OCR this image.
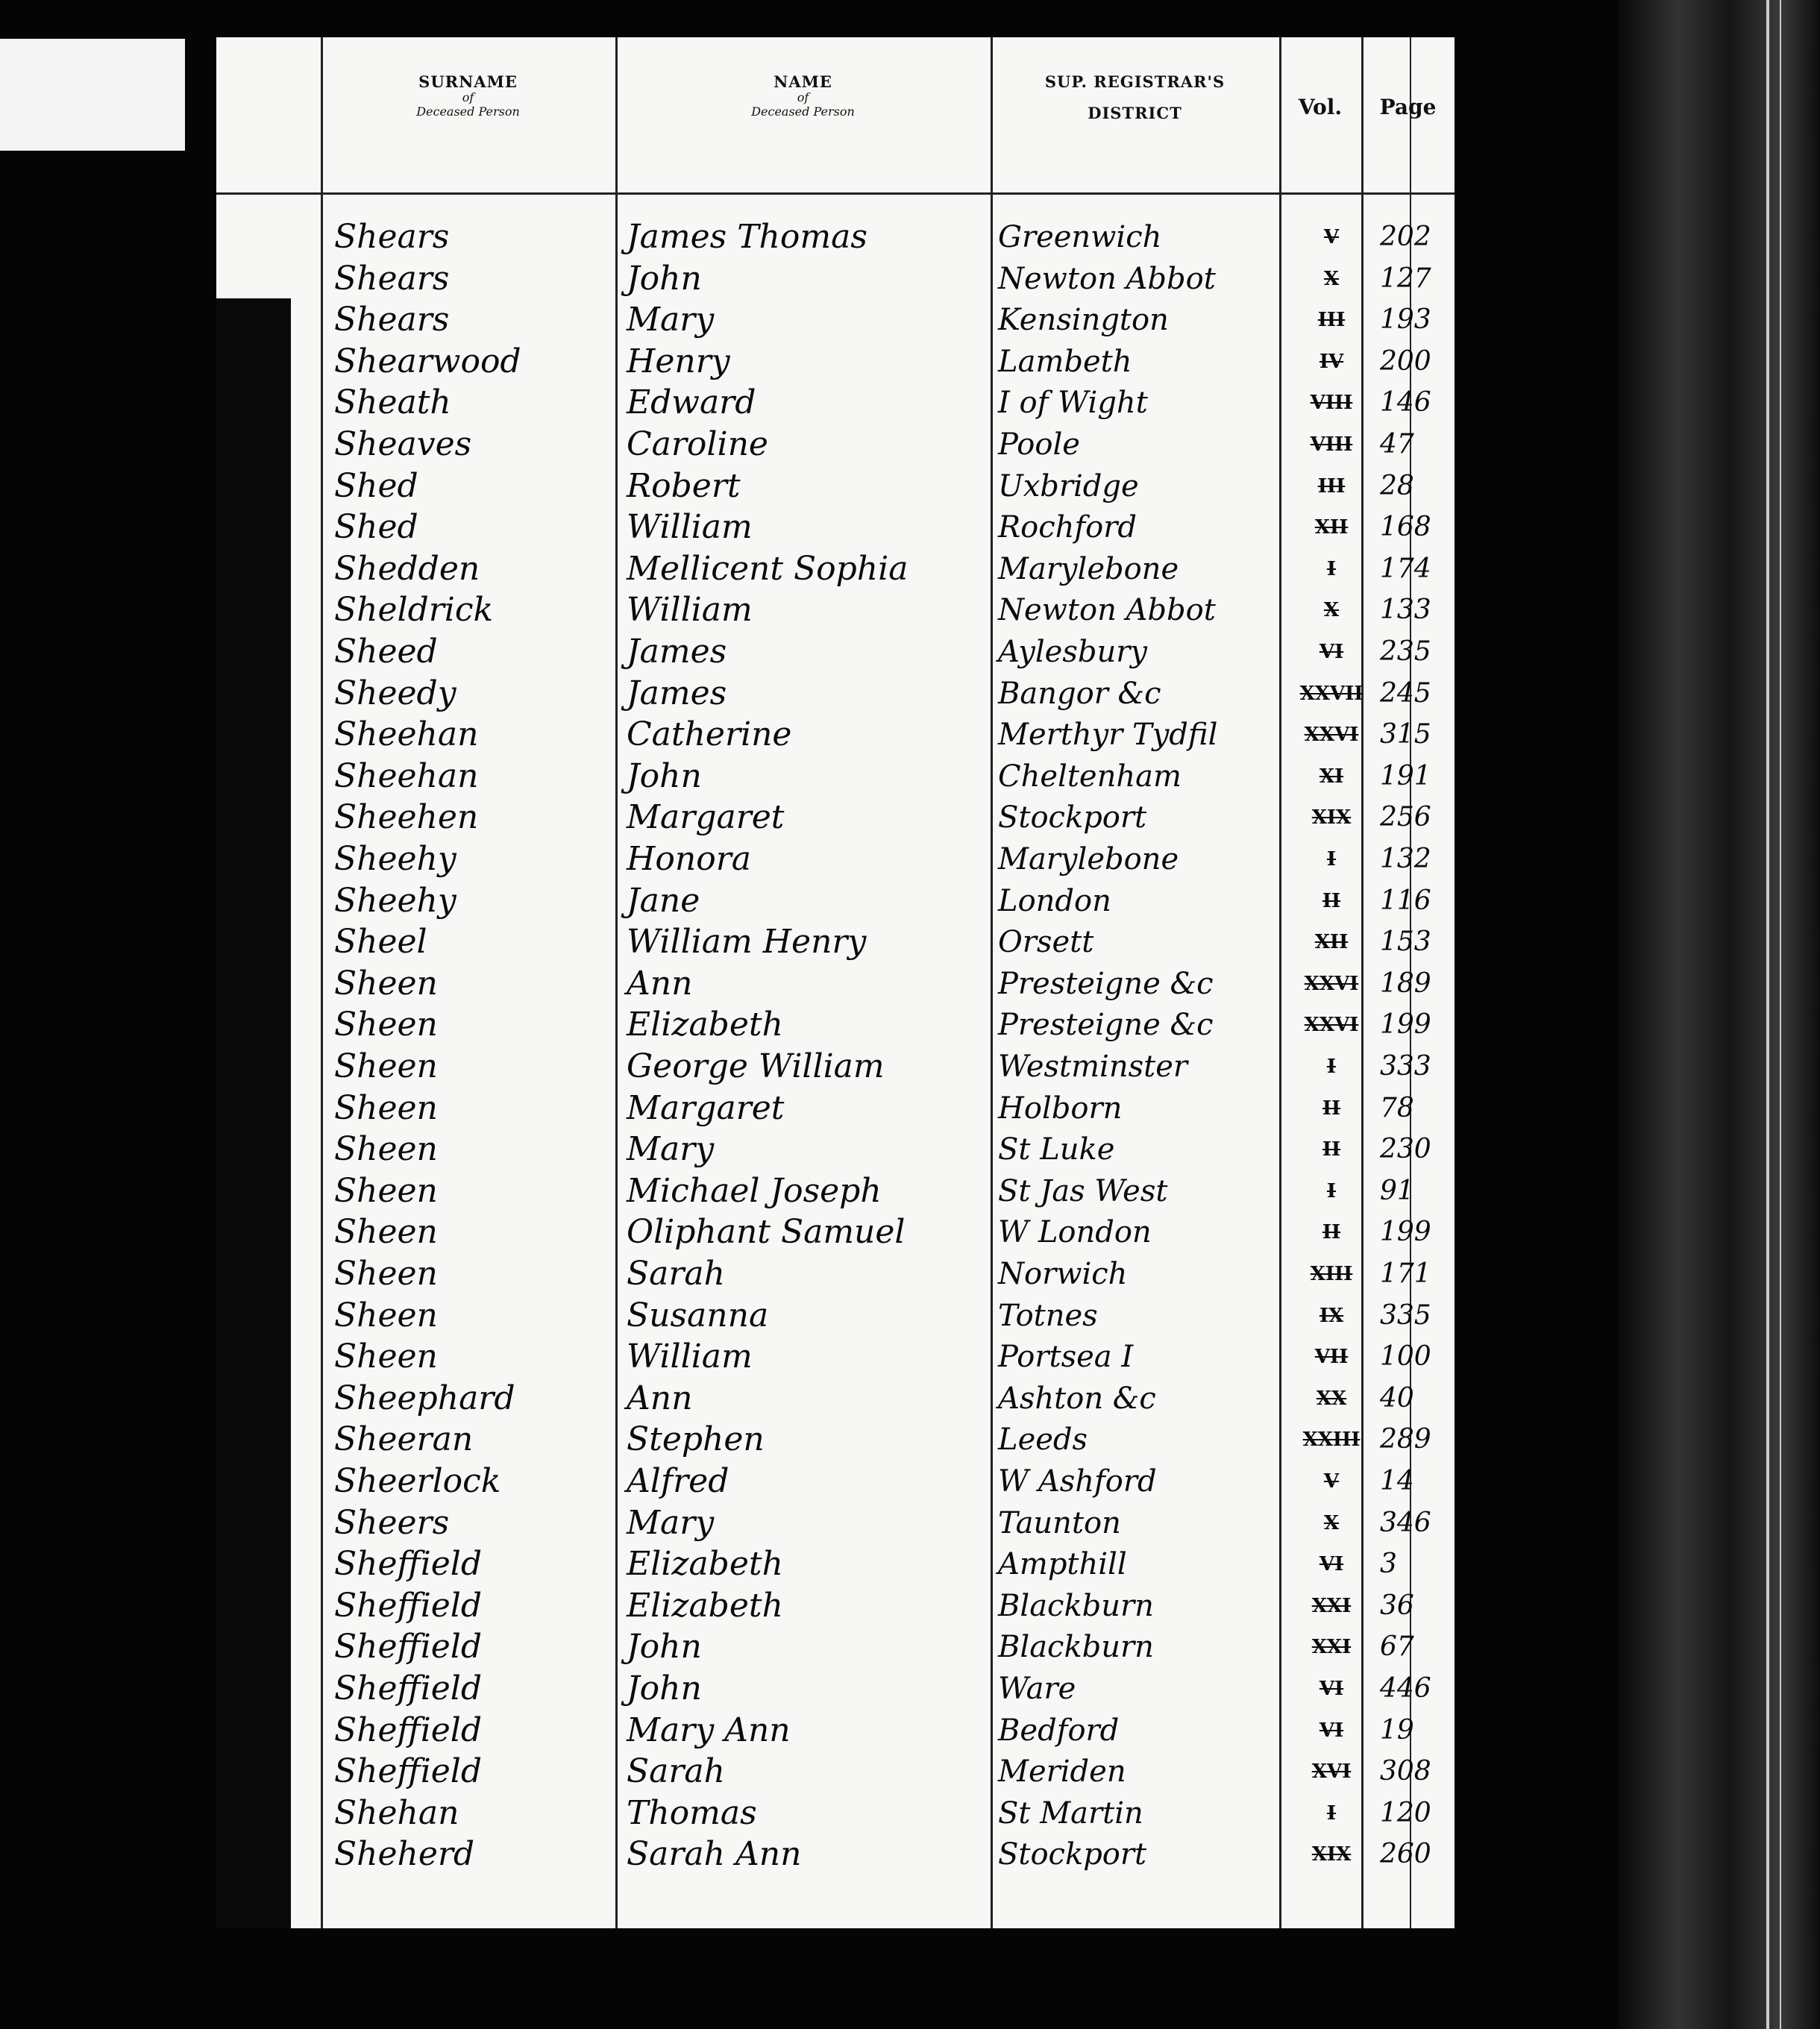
SURNAME
of
Deceased Person
NAME
of
Deceased Person
SUP. REGISTRAR'S
DISTRICT	Vol.	Page
Shears	James Thomas	Greenwich	V	202
Shears	John	Newton Abbot	X	127
Shears	Mary	Kensington	III	193
Shearwood	Henry	Lambeth	IV	200
Sheath	Edward	I of Wight	VIII	146
Sheaves	Caroline	Poole	VIII	47
Shed	Robert	Uxbridge	III	28
Shed	William	Rochford	XII	168
Shedden	Mellicent Sophia	Marylebone	I	174
Sheldrick	William	Newton Abbot	X	133
Sheed	James	Aylesbury	VI	235
Sheedy	James	Bangor &c	XXVII 245
Sheehan	Catherine	Merthyr Tydfil	XXVI 315
Sheehan	John	Cheltenham	XI	191
Sheehen	Margaret	Stockport	XIX	256
Sheehy	Honora	Marylebone	I	132
Sheehy	Jane	London	II	116
Sheel	William Henry	Orsett	XII	153
Sheen	Ann	Presteigne &c	XXVI 189
Sheen	Elizabeth	Presteigne &c	XXVI 199
Sheen	George William	Westminster	I	333
Sheen	Margaret	Holborn	II	78
Sheen	Mary	St Luke	II	230
Sheen	Michael Joseph	St Jas West	I	91
Sheen	Oliphant Samuel	W London	II	199
Sheen	Sarah	Norwich	XIII	171
Sheen	Susanna	Totnes	IX	335
Sheen	William	Portsea I	VII	100
Sheephard	Ann	Ashton &c	XX	40
Sheeran	Stephen	Leeds	XXIII 289
Sheerlock	Alfred	W Ashford	V	14
Sheers	Mary	Taunton	X	346
Sheffield	Elizabeth	Ampthill	VI	3
Sheffield	Elizabeth	Blackburn	XXI	36
Sheffield	John	Blackburn	XXI	67
Sheffield	John	Ware	VI	446
Sheffield	Mary Ann	Bedford	VI	19
Sheffield	Sarah	Meriden	XVI	308
Shehan	Thomas	St Martin	I	120
Sheherd	Sarah Ann	Stockport	XIX	260
